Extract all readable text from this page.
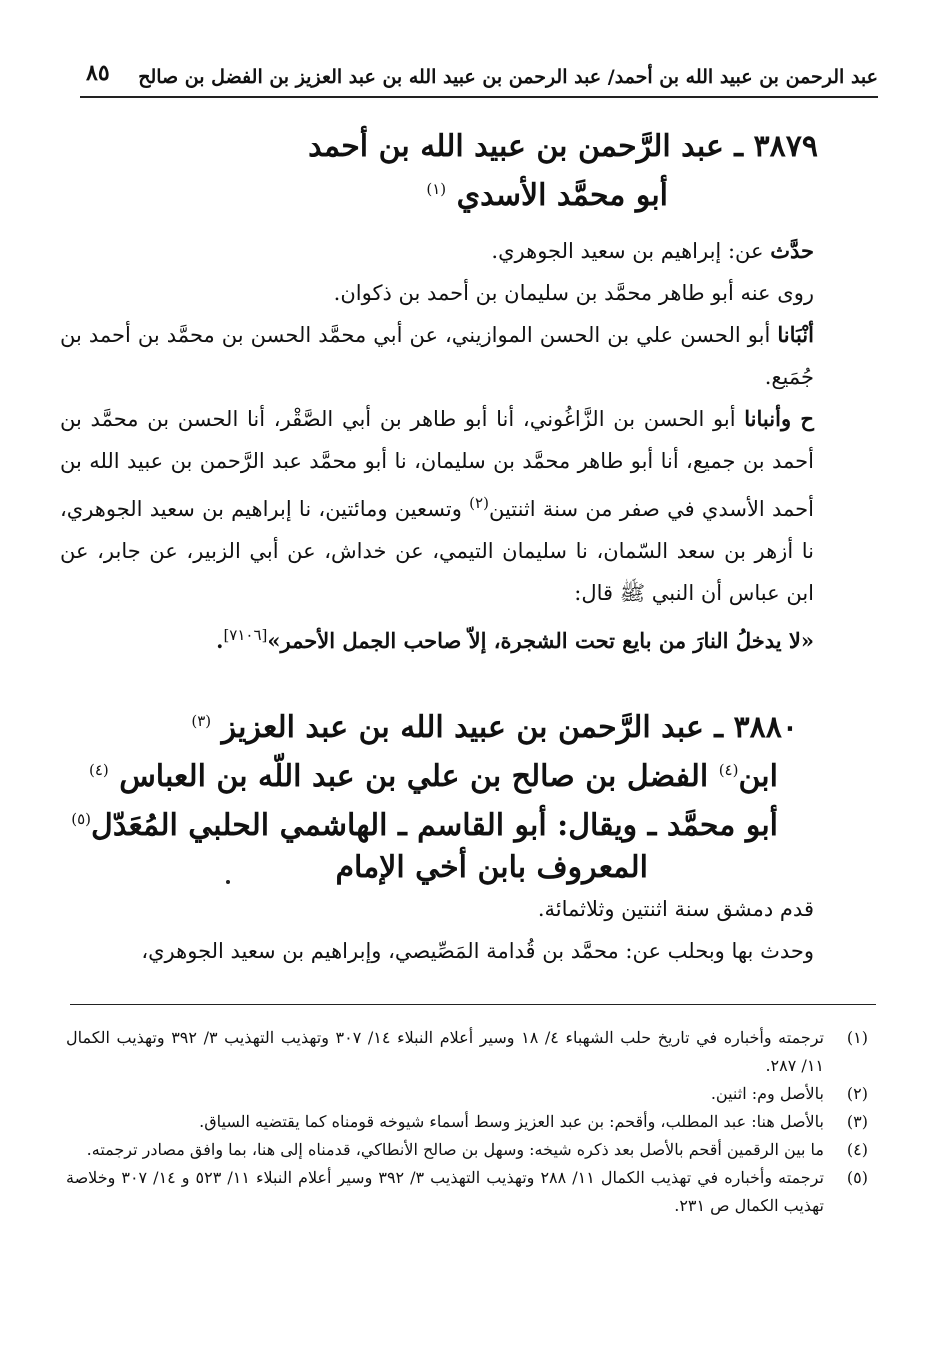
عبد الرحمن بن عبيد الله بن أحمد/ عبد الرحمن بن عبيد الله بن عبد العزيز بن الفضل بن صالح
٨٥
٣٨٧٩ ـ عبد الرَّحمن بن عبيد الله بن أحمد
أبو محمَّد الأسدي $^{(١)}$

حدَّث عن: إبراهيم بن سعيد الجوهري.

روى عنه أبو طاهر محمَّد بن سليمان بن أحمد بن ذكوان.

أنْبَانا أبو الحسن علي بن الحسن الموازيني، عن أبي محمَّد الحسن بن محمَّد بن أحمد بن جُمَيع.

ح وأنبانا أبو الحسن بن الزَّاغُوني، أنا أبو طاهر بن أبي الصَّقْر، أنا الحسن بن محمَّد بن أحمد بن جميع، أنا أبو طاهر محمَّد بن سليمان، نا أبو محمَّد عبد الرَّحمن بن عبيد الله بن أحمد الأسدي في صفر من سنة اثنتين$^{(٢)}$ وتسعين ومائتين، نا إبراهيم بن سعيد الجوهري، نا أزهر بن سعد السّمان، نا سليمان التيمي، عن خداش، عن أبي الزبير، عن جابر، عن ابن عباس أن النبي ﷺ قال:

«لا يدخلُ النارَ من بايع تحت الشجرة، إلاّ صاحب الجمل الأحمر»[٧١٠٦].

٣٨٨٠ ـ عبد الرَّحمن بن عبيد الله بن عبد العزيز $^{(٣)}$
ابن$^{(٤)}$ الفضل بن صالح بن علي بن عبد اللّه بن العباس $^{(٤)}$
أبو محمَّد ـ ويقال: أبو القاسم ـ الهاشمي الحلبي المُعَدّل$^{(٥)}$
المعروف بابن أخي الإمام

قدم دمشق سنة اثنتين وثلاثمائة.

وحدث بها وبحلب عن: محمَّد بن قُدامة المَصِّيصي، وإبراهيم بن سعيد الجوهري،

(١)
ترجمته وأخباره في تاريخ حلب الشهباء ٤/ ١٨ وسير أعلام النبلاء ١٤/ ٣٠٧ وتهذيب التهذيب ٣/ ٣٩٢ وتهذيب الكمال ١١/ ٢٨٧.
(٢)
بالأصل وم: اثنين.
(٣)
بالأصل هنا: عبد المطلب، وأقحم: بن عبد العزيز وسط أسماء شيوخه قومناه كما يقتضيه السياق.
(٤)
ما بين الرقمين أقحم بالأصل بعد ذكره شيخه: وسهل بن صالح الأنطاكي، قدمناه إلى هنا، بما وافق مصادر ترجمته.
(٥)
ترجمته وأخباره في تهذيب الكمال ١١/ ٢٨٨ وتهذيب التهذيب ٣/ ٣٩٢ وسير أعلام النبلاء ١١/ ٥٢٣ و ١٤/ ٣٠٧ وخلاصة تهذيب الكمال ص ٢٣١.
